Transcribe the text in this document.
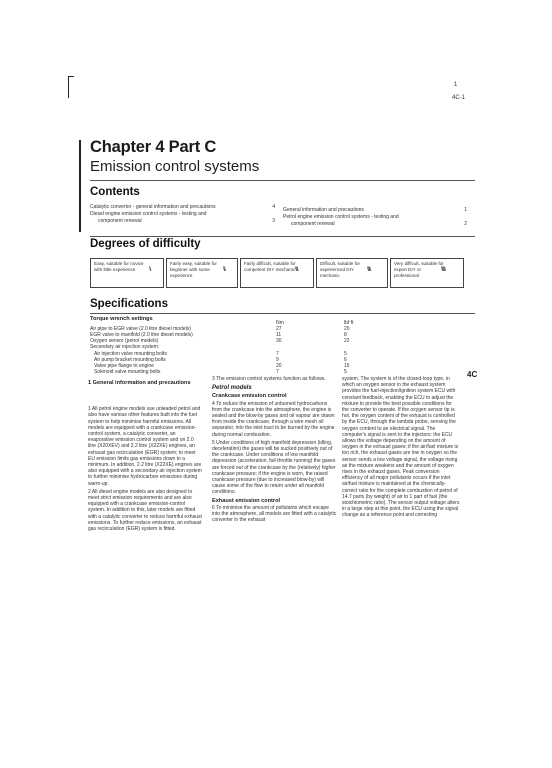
1
4C-1
Chapter 4 Part C
Emission control systems
Contents
Catalytic converter - general information and precautions	4
Diesel engine emission control systems - testing and
component renewal	3
General information and precautions	1
Petrol engine emission control systems - testing and
component renewal	2
Degrees of difficulty
Easy, suitable for novice with little experience	\\
Fairly easy, suitable for beginner with some experience
\\\
Fairly difficult, suitable for competent DIY mechanic \\\\
Difficult, suitable for experienced DIY mechanic
\\\\\
Very difficult, suitable for expert DIY or professional
\\\\\\
Specifications
Torque wrench settings
Nm	lbf ft
Air pipe to EGR valve (2.0 litre diesel models)	27	20
EGR valve to manifold (2.0 litre diesel models)	11	8
Oxygen sensor (petrol models)	30	22
Secondary air injection system:
Air injection valve mounting bolts	7	5
Air pump bracket mounting bolts	9	6
Valve pipe flange to engine	20	15
Solenoid valve mounting bolts	7	5	4C
1 General information and precautions

1 All petrol engine models use unleaded petrol and also have various other features built into the fuel system to help minimise harmful emissions. All models are equipped with a crankcase emission-control system, a catalytic converter, an evaporative emission control system and on 2.0 litre (X20XEV) and 2.2 litre (X22XE) engines, an exhaust gas recirculation (EGR) system; to meet EU emission limits gas emissions down to a minimum. In addition, 2.2 litre (X22XE) engines are also equipped with a secondary air injection system to further minimise hydrocarbon emissions during warm-up.

2 All diesel engine models are also designed to meet strict emission requirements and are also equipped with a crankcase emission-control system. In addition to this, later models are fitted with a catalytic converter to reduce harmful exhaust emissions. To further reduce emissions, an exhaust gas recirculation (EGR) system is fitted.

3 The emission control systems function as follows.

Petrol models
Crankcase emission control

4 To reduce the emission of unburned hydrocarbons from the crankcase into the atmosphere, the engine is sealed and the blow-by gases and oil vapour are drawn from inside the crankcase, through a wire mesh oil separator, into the inlet tract to be burned by the engine during normal combustion.

5 Under conditions of high manifold depression (idling, deceleration) the gases will be sucked positively out of the crankcase. Under conditions of low manifold depression (acceleration, full-throttle running) the gases are forced out of the crankcase by the (relatively) higher crankcase pressure; if the engine is worn, the raised crankcase pressure (due to increased blow-by) will cause some of the flow to return under all manifold conditions.

Exhaust emission control

6 To minimise the amount of pollutants which escape into the atmosphere, all models are fitted with a catalytic converter in the exhaust

system. The system is of the closed-loop type, in which an oxygen sensor in the exhaust system provides the fuel-injection/ignition system ECU with constant feedback, enabling the ECU to adjust the mixture to provide the best possible conditions for the converter to operate. If the oxygen sensor tip is hot, the oxygen content of the exhaust is controlled by the ECU, through the lambda probe, sensing the oxygen content to an electrical signal. The computer's signal is sent to the injectors: the ECU allows the voltage depending on the amount of oxygen in the exhaust gases; if the air/fuel mixture is too rich, the exhaust gases are low in oxygen so the sensor sends a low voltage signal, the voltage rising as the mixture weakens and the amount of oxygen rises in the exhaust gases. Peak conversion efficiency of all major pollutants occurs if the inlet air/fuel mixture is maintained at the chemically-correct ratio for the complete combustion of petrol of 14.7 parts (by weight) of air to 1 part of fuel (the stoichiometric ratio). The sensor output voltage alters in a large step at this point, the ECU using the signal change as a reference point and correcting
